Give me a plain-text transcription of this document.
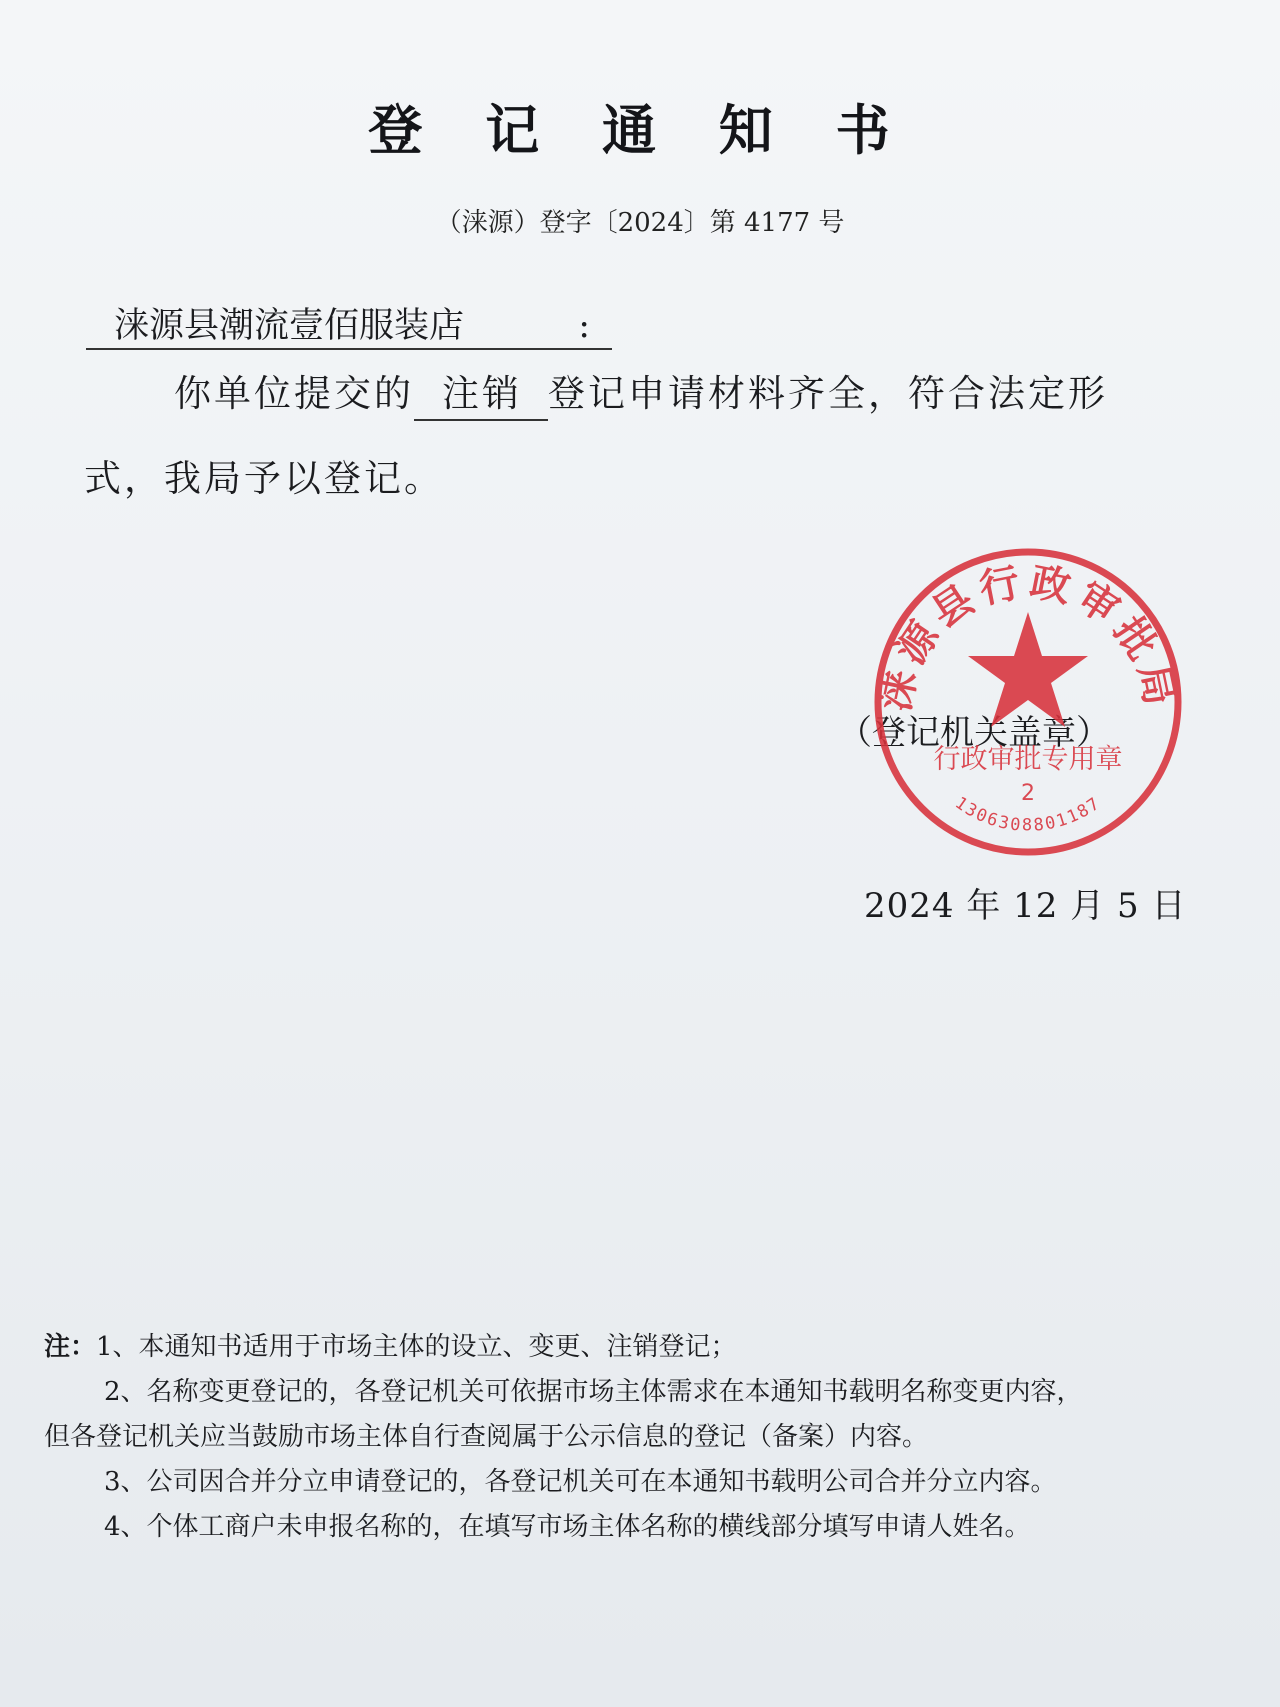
登 记 通 知 书
（涞源）登字〔2024〕第 4177 号
涞源县潮流壹佰服装店	:
你单位提交的 注销 登记申请材料齐全，符合法定形
式，我局予以登记。
（登记机关盖章）
涞源县行政审批局
行政审批专用章
2
1306308801187
2024 年 12 月 5 日
注：1、本通知书适用于市场主体的设立、变更、注销登记；
2、名称变更登记的，各登记机关可依据市场主体需求在本通知书载明名称变更内容，
但各登记机关应当鼓励市场主体自行查阅属于公示信息的登记（备案）内容。
3、公司因合并分立申请登记的，各登记机关可在本通知书载明公司合并分立内容。
4、个体工商户未申报名称的，在填写市场主体名称的横线部分填写申请人姓名。
